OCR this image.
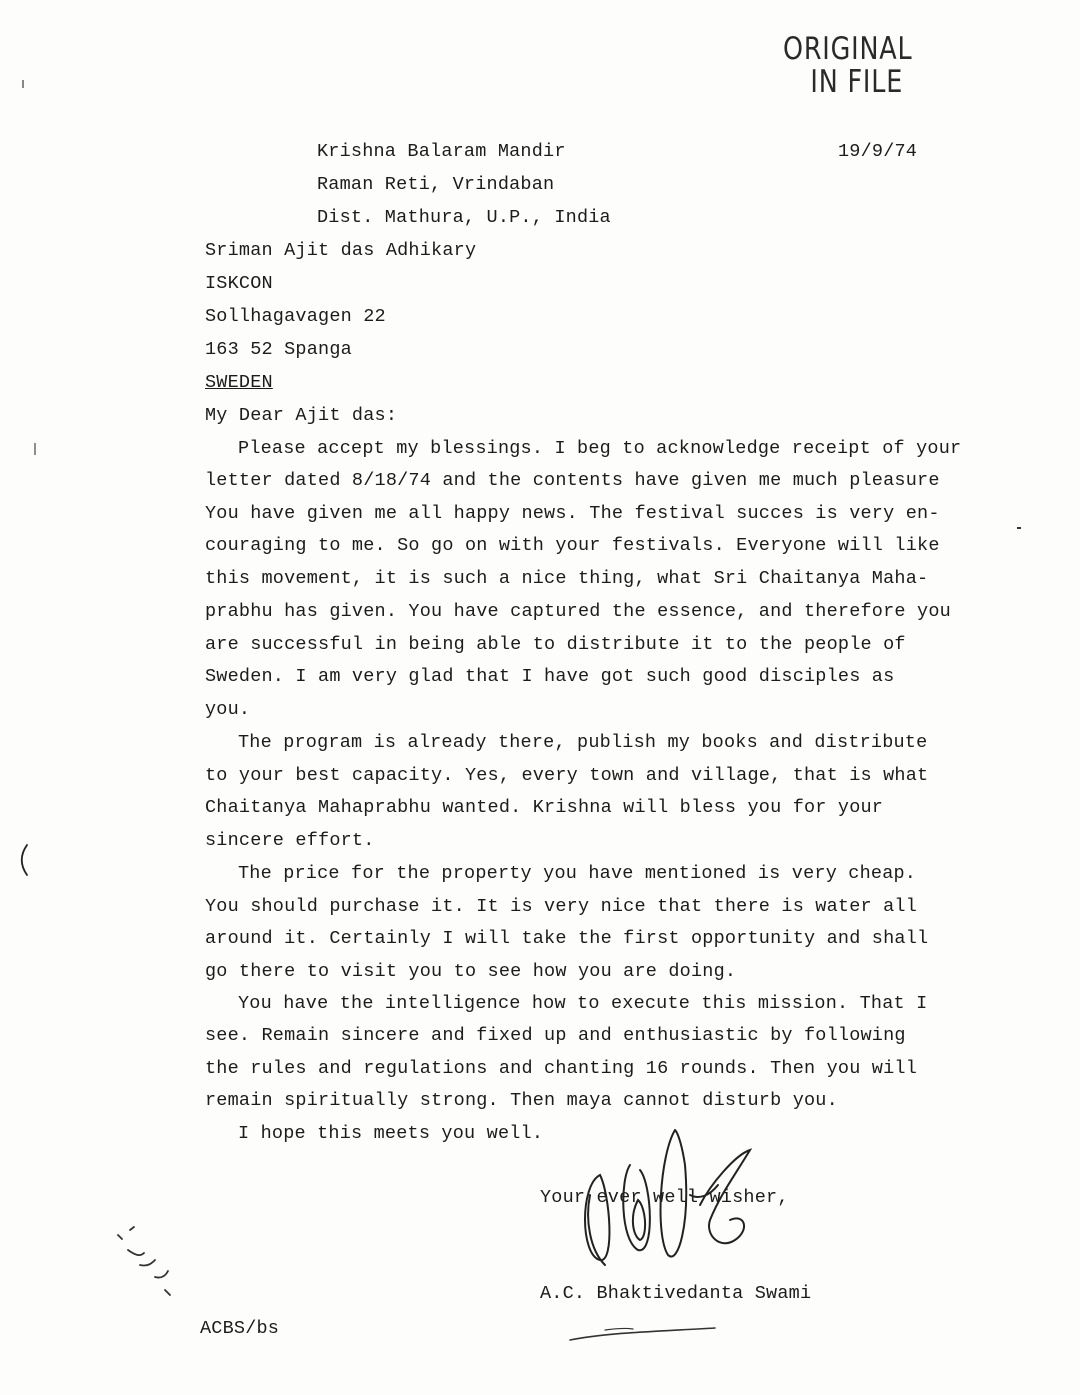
ORIGINAL
IN FILE
Krishna Balaram Mandir
Raman Reti, Vrindaban
Dist. Mathura, U.P., India
19/9/74
Sriman Ajit das Adhikary
ISKCON
Sollhagavagen 22
163 52 Spanga
SWEDEN
My Dear Ajit das:
Please accept my blessings. I beg to acknowledge receipt of your
letter dated 8/18/74 and the contents have given me much pleasure
You have given me all happy news. The festival succes is very en-
couraging to me. So go on with your festivals. Everyone will like
this movement, it is such a nice thing, what Sri Chaitanya Maha-
prabhu has given. You have captured the essence, and therefore you
are successful in being able to distribute it to the people of
Sweden. I am very glad that I have got such good disciples as
you.
The program is already there, publish my books and distribute
to your best capacity. Yes, every town and village, that is what
Chaitanya Mahaprabhu wanted. Krishna will bless you for your
sincere effort.
The price for the property you have mentioned is very cheap.
You should purchase it. It is very nice that there is water all
around it. Certainly I will take the first opportunity and shall
go there to visit you to see how you are doing.
You have the intelligence how to execute this mission. That I
see. Remain sincere and fixed up and enthusiastic by following
the rules and regulations and chanting 16 rounds. Then you will
remain spiritually strong. Then maya cannot disturb you.
I hope this meets you well.
Your ever well wisher,
A.C. Bhaktivedanta Swami
ACBS/bs
